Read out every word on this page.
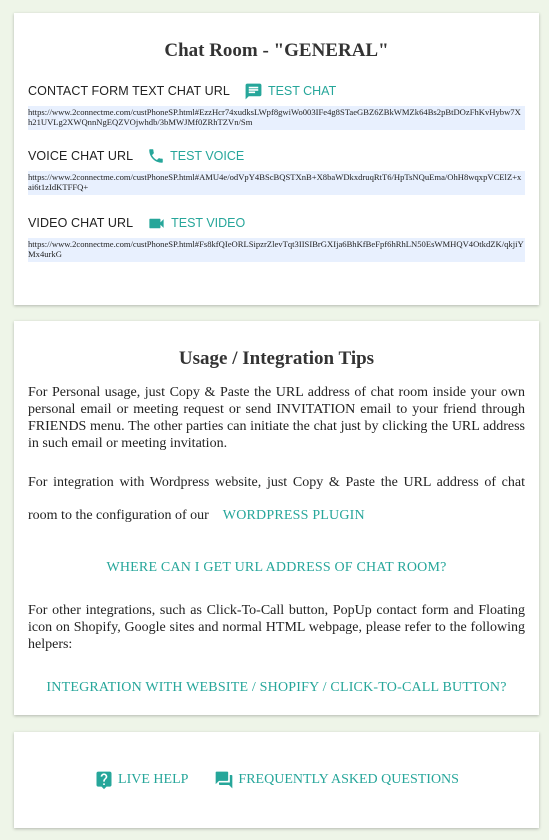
Chat Room - "GENERAL"
CONTACT FORM TEXT CHAT URL	TEST CHAT
https://www.2connectme.com/custPhoneSP.html#EzzHcr74xudksLWpf8gwiWo003IFe4g8STaeGBZ6ZBkWMZk64Bs2pBtDOzFhKvHybw7Xh21UVLg2XWQnnNgEQZVOjwhdb/3bMWJMf0ZRhTZVn/Sm
VOICE CHAT URL	TEST VOICE
https://www.2connectme.com/custPhoneSP.html#AMU4e/odVpY4BScBQSTXnB+X8baWDkxdruqRtT6/HpTsNQuEma/OhH8wqxpVCElZ+xai6t1zIdKTFFQ+
VIDEO CHAT URL	TEST VIDEO
https://www.2connectme.com/custPhoneSP.html#Fs8kfQIeORLSipzrZlevTqt3IISIBrGXIja6BhKfBeFpf6hRhLN50EsWMHQV4OtkdZK/qkjiYMx4urkG
Usage / Integration Tips

For Personal usage, just Copy & Paste the URL address of chat room inside your own personal email or meeting request or send INVITATION email to your friend through FRIENDS menu. The other parties can initiate the chat just by clicking the URL address in such email or meeting invitation.

For integration with Wordpress website, just Copy & Paste the URL address of chat room to the configuration of our WORDPRESS PLUGIN

WHERE CAN I GET URL ADDRESS OF CHAT ROOM?

For other integrations, such as Click-To-Call button, PopUp contact form and Floating icon on Shopify, Google sites and normal HTML webpage, please refer to the following helpers:

INTEGRATION WITH WEBSITE / SHOPIFY / CLICK-TO-CALL BUTTON?
LIVE HELP	FREQUENTLY ASKED QUESTIONS
